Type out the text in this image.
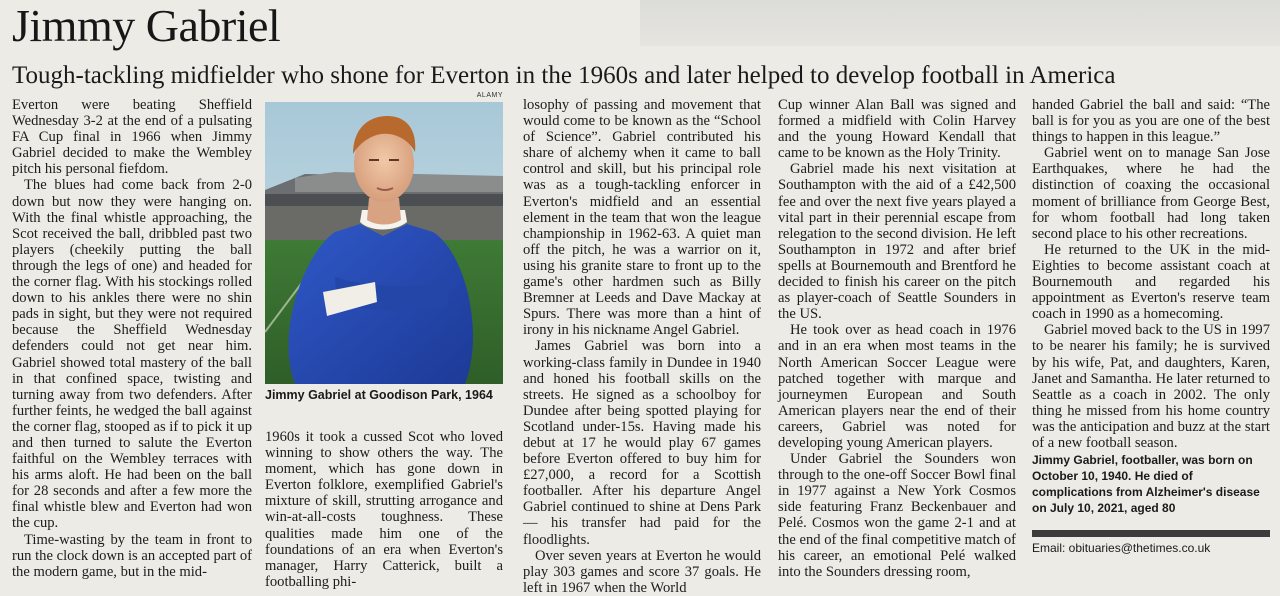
Jimmy Gabriel
Tough-tackling midfielder who shone for Everton in the 1960s and later helped to develop football in America

Everton were beating Sheffield Wednesday 3-2 at the end of a pulsating FA Cup final in 1966 when Jimmy Gabriel decided to make the Wembley pitch his personal fiefdom.

The blues had come back from 2-0 down but now they were hanging on. With the final whistle approaching, the Scot received the ball, dribbled past two players (cheekily putting the ball through the legs of one) and headed for the corner flag. With his stockings rolled down to his ankles there were no shin pads in sight, but they were not required because the Sheffield Wednesday defenders could not get near him. Gabriel showed total mastery of the ball in that confined space, twisting and turning away from two defenders. After further feints, he wedged the ball against the corner flag, stooped as if to pick it up and then turned to salute the Everton faithful on the Wembley terraces with his arms aloft. He had been on the ball for 28 seconds and after a few more the final whistle blew and Everton had won the cup.

Time-wasting by the team in front to run the clock down is an accepted part of the modern game, but in the mid-

ALAMY
Jimmy Gabriel at Goodison Park, 1964

1960s it took a cussed Scot who loved winning to show others the way. The moment, which has gone down in Everton folklore, exemplified Gabriel's mixture of skill, strutting arrogance and win-at-all-costs toughness. These qualities made him one of the foundations of an era when Everton's manager, Harry Catterick, built a footballing phi-

losophy of passing and movement that would come to be known as the “School of Science”. Gabriel contributed his share of alchemy when it came to ball control and skill, but his principal role was as a tough-tackling enforcer in Everton's midfield and an essential element in the team that won the league championship in 1962-63. A quiet man off the pitch, he was a warrior on it, using his granite stare to front up to the game's other hardmen such as Billy Bremner at Leeds and Dave Mackay at Spurs. There was more than a hint of irony in his nickname Angel Gabriel.

James Gabriel was born into a working-class family in Dundee in 1940 and honed his football skills on the streets. He signed as a schoolboy for Dundee after being spotted playing for Scotland under-15s. Having made his debut at 17 he would play 67 games before Everton offered to buy him for £27,000, a record for a Scottish footballer. After his departure Angel Gabriel continued to shine at Dens Park — his transfer had paid for the floodlights.

Over seven years at Everton he would play 303 games and score 37 goals. He left in 1967 when the World

Cup winner Alan Ball was signed and formed a midfield with Colin Harvey and the young Howard Kendall that came to be known as the Holy Trinity.

Gabriel made his next visitation at Southampton with the aid of a £42,500 fee and over the next five years played a vital part in their perennial escape from relegation to the second division. He left Southampton in 1972 and after brief spells at Bournemouth and Brentford he decided to finish his career on the pitch as player-coach of Seattle Sounders in the US.

He took over as head coach in 1976 and in an era when most teams in the North American Soccer League were patched together with marque and journeymen European and South American players near the end of their careers, Gabriel was noted for developing young American players.

Under Gabriel the Sounders won through to the one-off Soccer Bowl final in 1977 against a New York Cosmos side featuring Franz Beckenbauer and Pelé. Cosmos won the game 2-1 and at the end of the final competitive match of his career, an emotional Pelé walked into the Sounders dressing room,

handed Gabriel the ball and said: “The ball is for you as you are one of the best things to happen in this league.”

Gabriel went on to manage San Jose Earthquakes, where he had the distinction of coaxing the occasional moment of brilliance from George Best, for whom football had long taken second place to his other recreations.

He returned to the UK in the mid-Eighties to become assistant coach at Bournemouth and regarded his appointment as Everton's reserve team coach in 1990 as a homecoming.

Gabriel moved back to the US in 1997 to be nearer his family; he is survived by his wife, Pat, and daughters, Karen, Janet and Samantha. He later returned to Seattle as a coach in 2002. The only thing he missed from his home country was the anticipation and buzz at the start of a new football season.

Jimmy Gabriel, footballer, was born on October 10, 1940. He died of complications from Alzheimer's disease on July 10, 2021, aged 80
Email: obituaries@thetimes.co.uk
